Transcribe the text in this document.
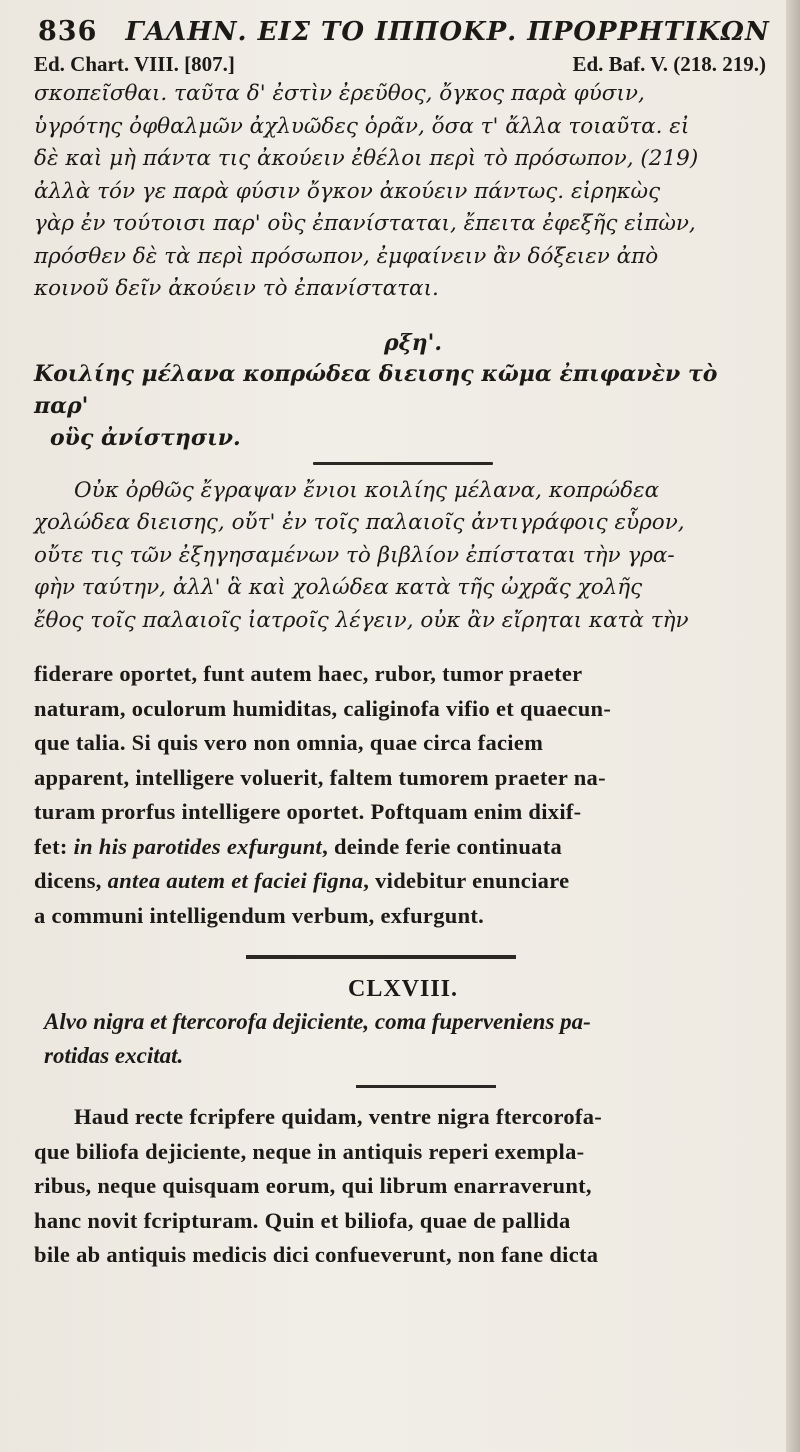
836 ΓΑΛΗΝ. ΕΙΣ ΤΟ ΙΠΠΟΚΡ. ΠΡΟΡΡΗΤΙΚΩΝ
Ed. Chart. VIII. [807.]	Ed. Baf. V. (218. 219.)
σκοπεῖσθαι. ταῦτα δ' ἐστὶν ἐρεῦθος, ὄγκος παρὰ φύσιν,
ὑγρότης ὀφθαλμῶν ἀχλυῶδες ὁρᾶν, ὅσα τ' ἄλλα τοιαῦτα. εἰ
δὲ καὶ μὴ πάντα τις ἀκούειν ἐθέλοι περὶ τὸ πρόσωπον, (219)
ἀλλὰ τόν γε παρὰ φύσιν ὄγκον ἀκούειν πάντως. εἰρηκὼς
γὰρ ἐν τούτοισι παρ' οὓς ἐπανίσταται, ἔπειτα ἐφεξῆς εἰπὼν,
πρόσθεν δὲ τὰ περὶ πρόσωπον, ἐμφαίνειν ἂν δόξειεν ἀπὸ
κοινοῦ δεῖν ἀκούειν τὸ ἐπανίσταται.
ρξη'.
Κοιλίης μέλανα κοπρώδεα διεισης κῶμα ἐπιφανὲν τὸ παρ'
οὓς ἀνίστησιν.
Οὐκ ὀρθῶς ἔγραψαν ἔνιοι κοιλίης μέλανα, κοπρώδεα
χολώδεα διεισης, οὔτ' ἐν τοῖς παλαιοῖς ἀντιγράφοις εὗρον,
οὔτε τις τῶν ἐξηγησαμένων τὸ βιβλίον ἐπίσταται τὴν γρα-
φὴν ταύτην, ἀλλ' ἃ καὶ χολώδεα κατὰ τῆς ὠχρᾶς χολῆς
ἔθος τοῖς παλαιοῖς ἰατροῖς λέγειν, οὐκ ἂν εἴρηται κατὰ τὴν
fiderare oportet, funt autem haec, rubor, tumor praeter
naturam, oculorum humiditas, caliginofa vifio et quaecun-
que talia. Si quis vero non omnia, quae circa faciem
apparent, intelligere voluerit, faltem tumorem praeter na-
turam prorfus intelligere oportet. Poftquam enim dixif-
fet: in his parotides exfurgunt, deinde ferie continuata
dicens, antea autem et faciei figna, videbitur enunciare
a communi intelligendum verbum, exfurgunt.
CLXVIII.
Alvo nigra et ftercorofa dejiciente, coma fuperveniens pa-
rotidas excitat.
Haud recte fcripfere quidam, ventre nigra ftercorofa-
que biliofa dejiciente, neque in antiquis reperi exempla-
ribus, neque quisquam eorum, qui librum enarraverunt,
hanc novit fcripturam. Quin et biliofa, quae de pallida
bile ab antiquis medicis dici confueverunt, non fane dicta
